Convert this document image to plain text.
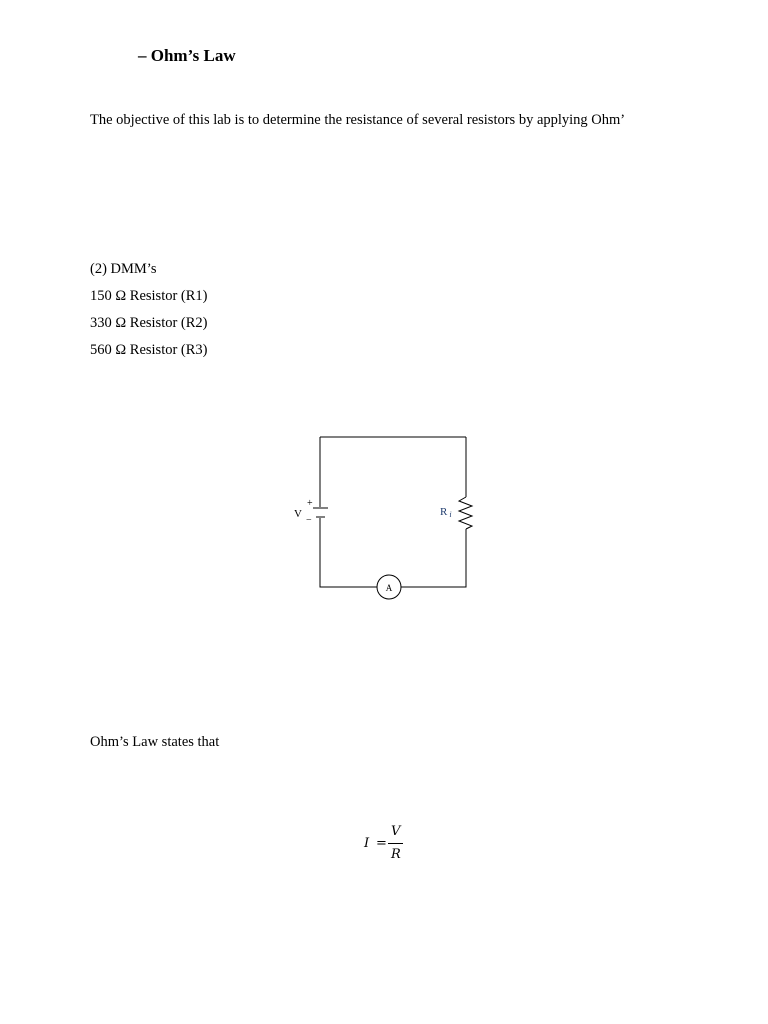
– Ohm’s Law
The objective of this lab is to determine the resistance of several resistors by applying Ohm’
(2) DMM’s
150 Ω Resistor (R1)
330 Ω Resistor (R2)
560 Ω Resistor (R3)
+
−
V	R i
A
Ohm’s Law states that
I =
V
R
